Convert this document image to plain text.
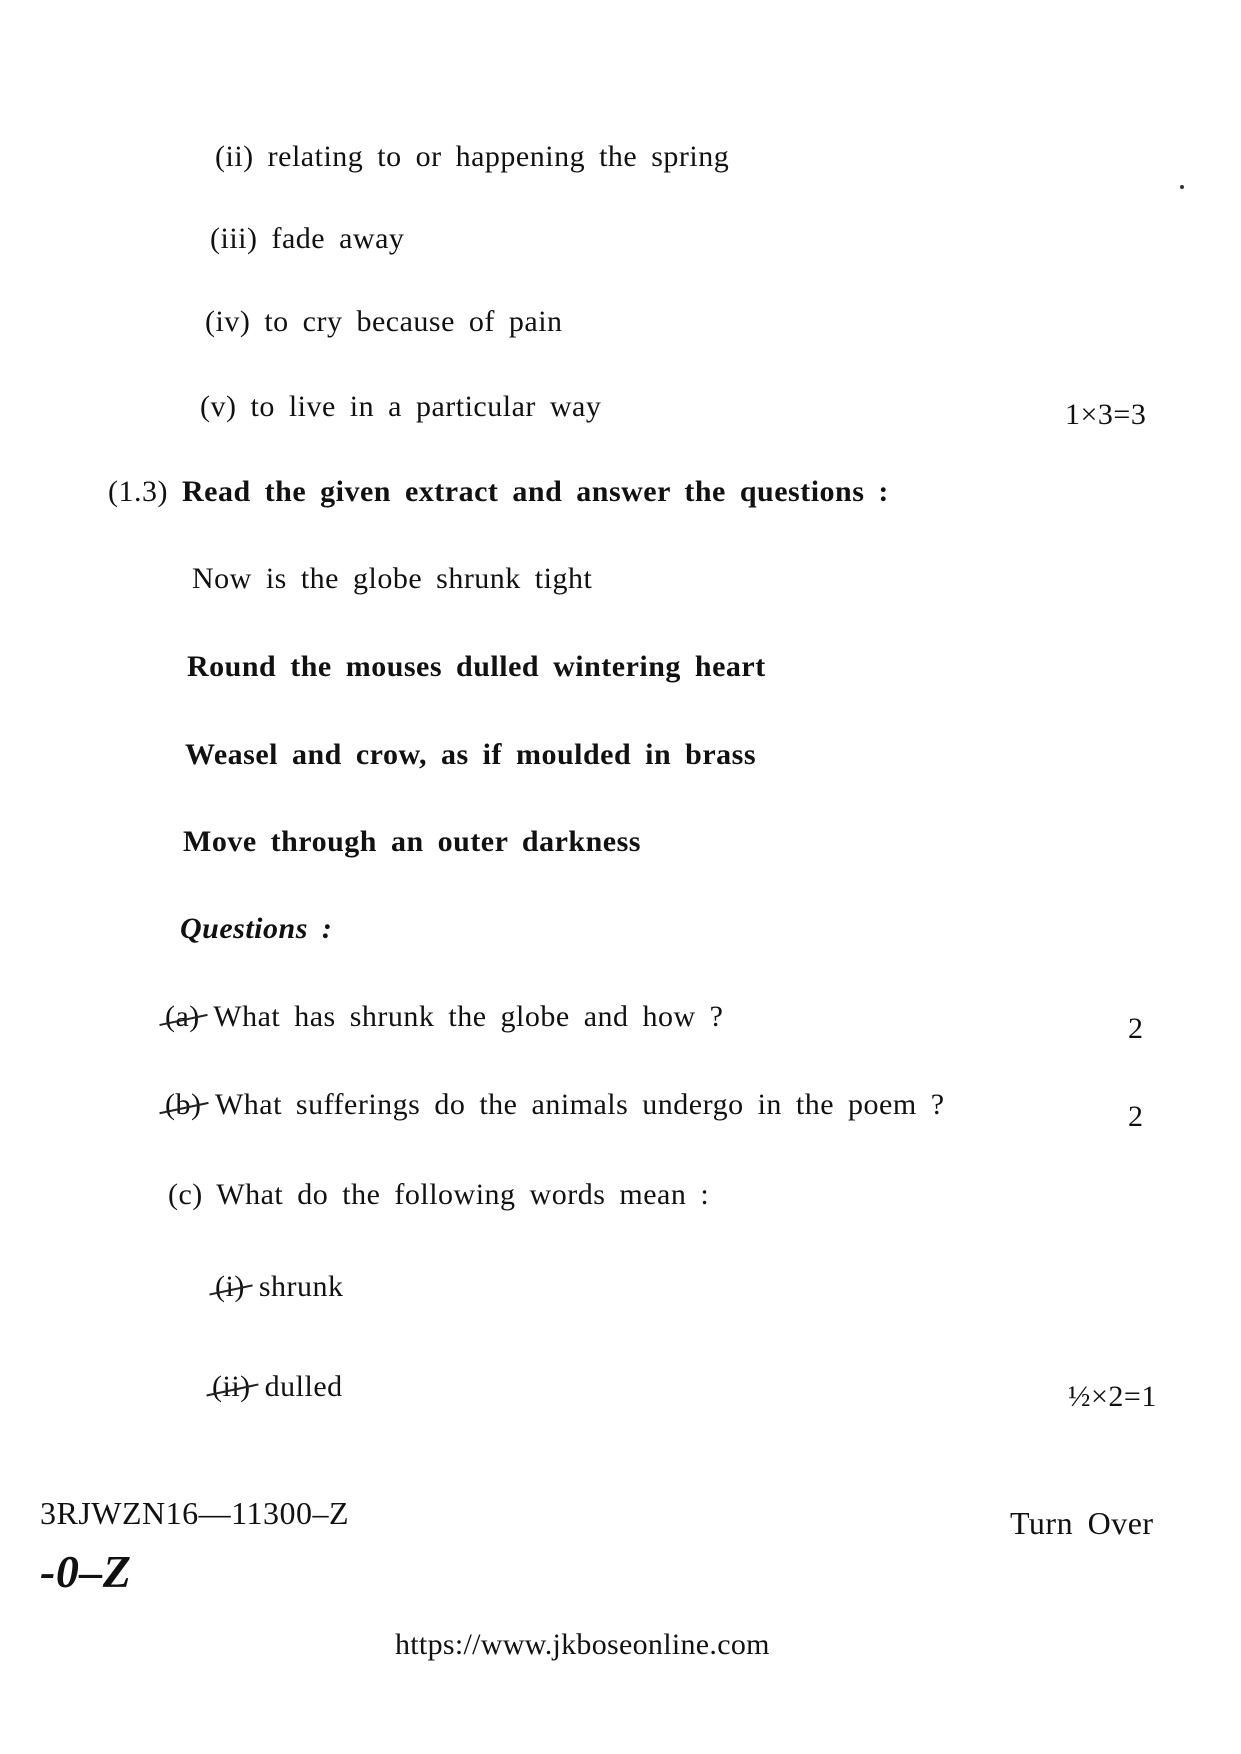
(ii) relating to or happening the spring
(iii) fade away
(iv) to cry because of pain
(v) to live in a particular way	1×3=3
(1.3) Read the given extract and answer the questions :
Now is the globe shrunk tight
Round the mouses dulled wintering heart
Weasel and crow, as if moulded in brass
Move through an outer darkness
Questions :
(a) What has shrunk the globe and how ?	2
(b) What sufferings do the animals undergo in the poem ?	2
(c) What do the following words mean :
(i) shrunk
(ii) dulled	½×2=1
3RJWZN16—11300–Z	Turn Over
-0–Z
https://www.jkboseonline.com
